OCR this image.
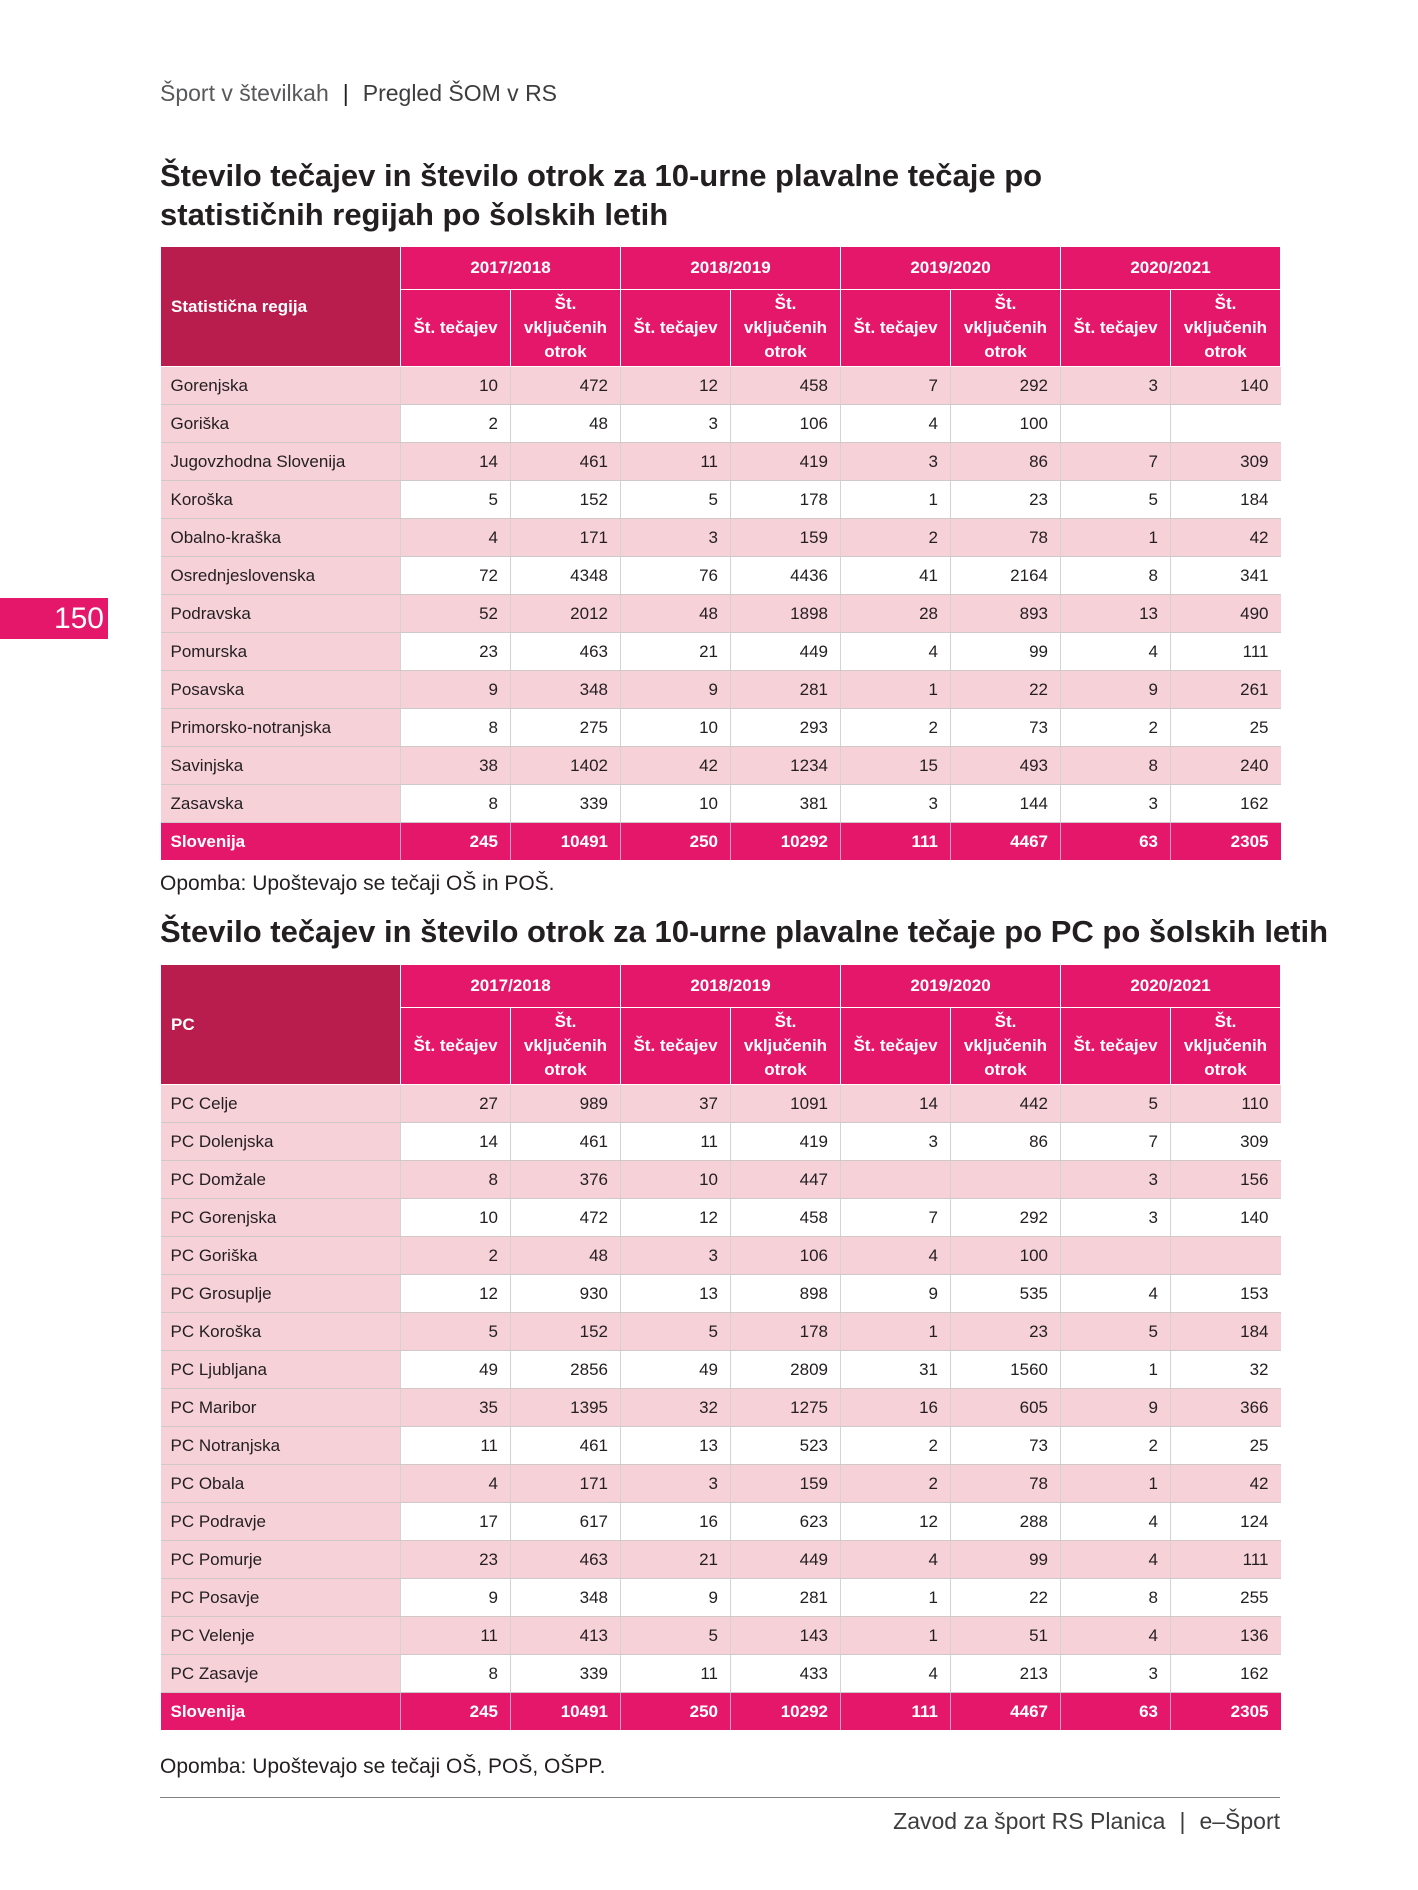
Šport v številkah | Pregled ŠOM v RS
150
Število tečajev in število otrok za 10-urne plavalne tečaje po statističnih regijah po šolskih letih
Statistična regija	2017/2018		2018/2019		2019/2020		2020/2021	
	Št. tečajev	Št. vključenih otrok	Št. tečajev	Št. vključenih otrok	Št. tečajev	Št. vključenih otrok	Št. tečajev	Št. vključenih otrok
Gorenjska	10	472	12	458	7	292	3	140
Goriška	2	48	3	106	4	100		
Jugovzhodna Slovenija	14	461	11	419	3	86	7	309
Koroška	5	152	5	178	1	23	5	184
Obalno-kraška	4	171	3	159	2	78	1	42
Osrednjeslovenska	72	4348	76	4436	41	2164	8	341
Podravska	52	2012	48	1898	28	893	13	490
Pomurska	23	463	21	449	4	99	4	111
Posavska	9	348	9	281	1	22	9	261
Primorsko-notranjska	8	275	10	293	2	73	2	25
Savinjska	38	1402	42	1234	15	493	8	240
Zasavska	8	339	10	381	3	144	3	162
Slovenija	245	10491	250	10292	111	4467	63	2305
Opomba: Upoštevajo se tečaji OŠ in POŠ.
Število tečajev in število otrok za 10-urne plavalne tečaje po PC po šolskih letih
PC	2017/2018		2018/2019		2019/2020		2020/2021	
	Št. tečajev	Št. vključenih otrok	Št. tečajev	Št. vključenih otrok	Št. tečajev	Št. vključenih otrok	Št. tečajev	Št. vključenih otrok
PC Celje	27	989	37	1091	14	442	5	110
PC Dolenjska	14	461	11	419	3	86	7	309
PC Domžale	8	376	10	447			3	156
PC Gorenjska	10	472	12	458	7	292	3	140
PC Goriška	2	48	3	106	4	100		
PC Grosuplje	12	930	13	898	9	535	4	153
PC Koroška	5	152	5	178	1	23	5	184
PC Ljubljana	49	2856	49	2809	31	1560	1	32
PC Maribor	35	1395	32	1275	16	605	9	366
PC Notranjska	11	461	13	523	2	73	2	25
PC Obala	4	171	3	159	2	78	1	42
PC Podravje	17	617	16	623	12	288	4	124
PC Pomurje	23	463	21	449	4	99	4	111
PC Posavje	9	348	9	281	1	22	8	255
PC Velenje	11	413	5	143	1	51	4	136
PC Zasavje	8	339	11	433	4	213	3	162
Slovenija	245	10491	250	10292	111	4467	63	2305
Opomba: Upoštevajo se tečaji OŠ, POŠ, OŠPP.
Zavod za šport RS Planica | e–Šport
